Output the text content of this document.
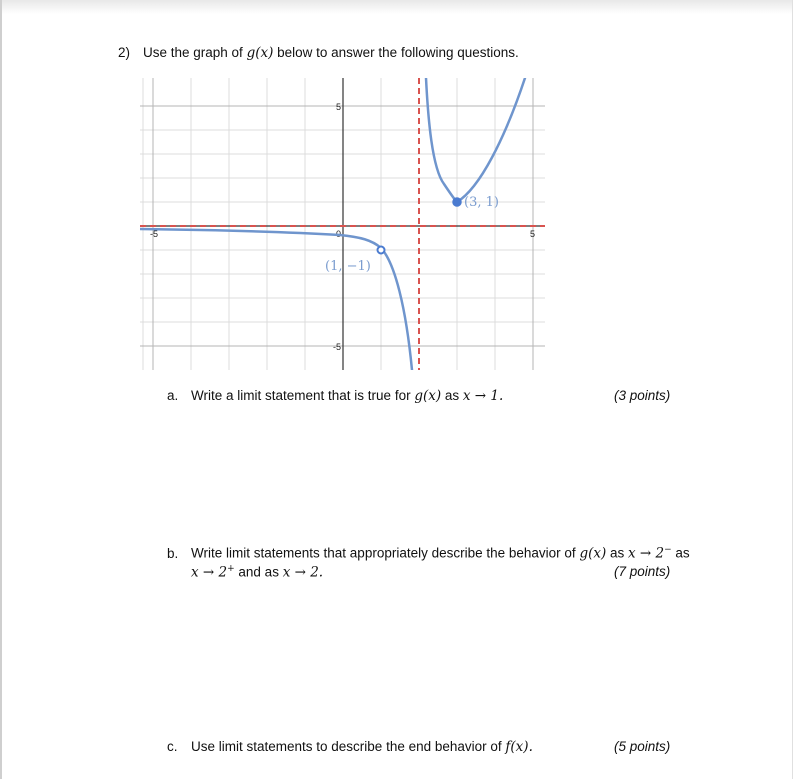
2) Use the graph of g(x) below to answer the following questions.
-5	5
5
-5
0
(3, 1)
(1, −1)
a. Write a limit statement that is true for g(x) as x → 1.	(3 points)
b. Write limit statements that appropriately describe the behavior of g(x) as x → 2− as
x → 2+ and as x → 2.	(7 points)
c. Use limit statements to describe the end behavior of f(x).	(5 points)
